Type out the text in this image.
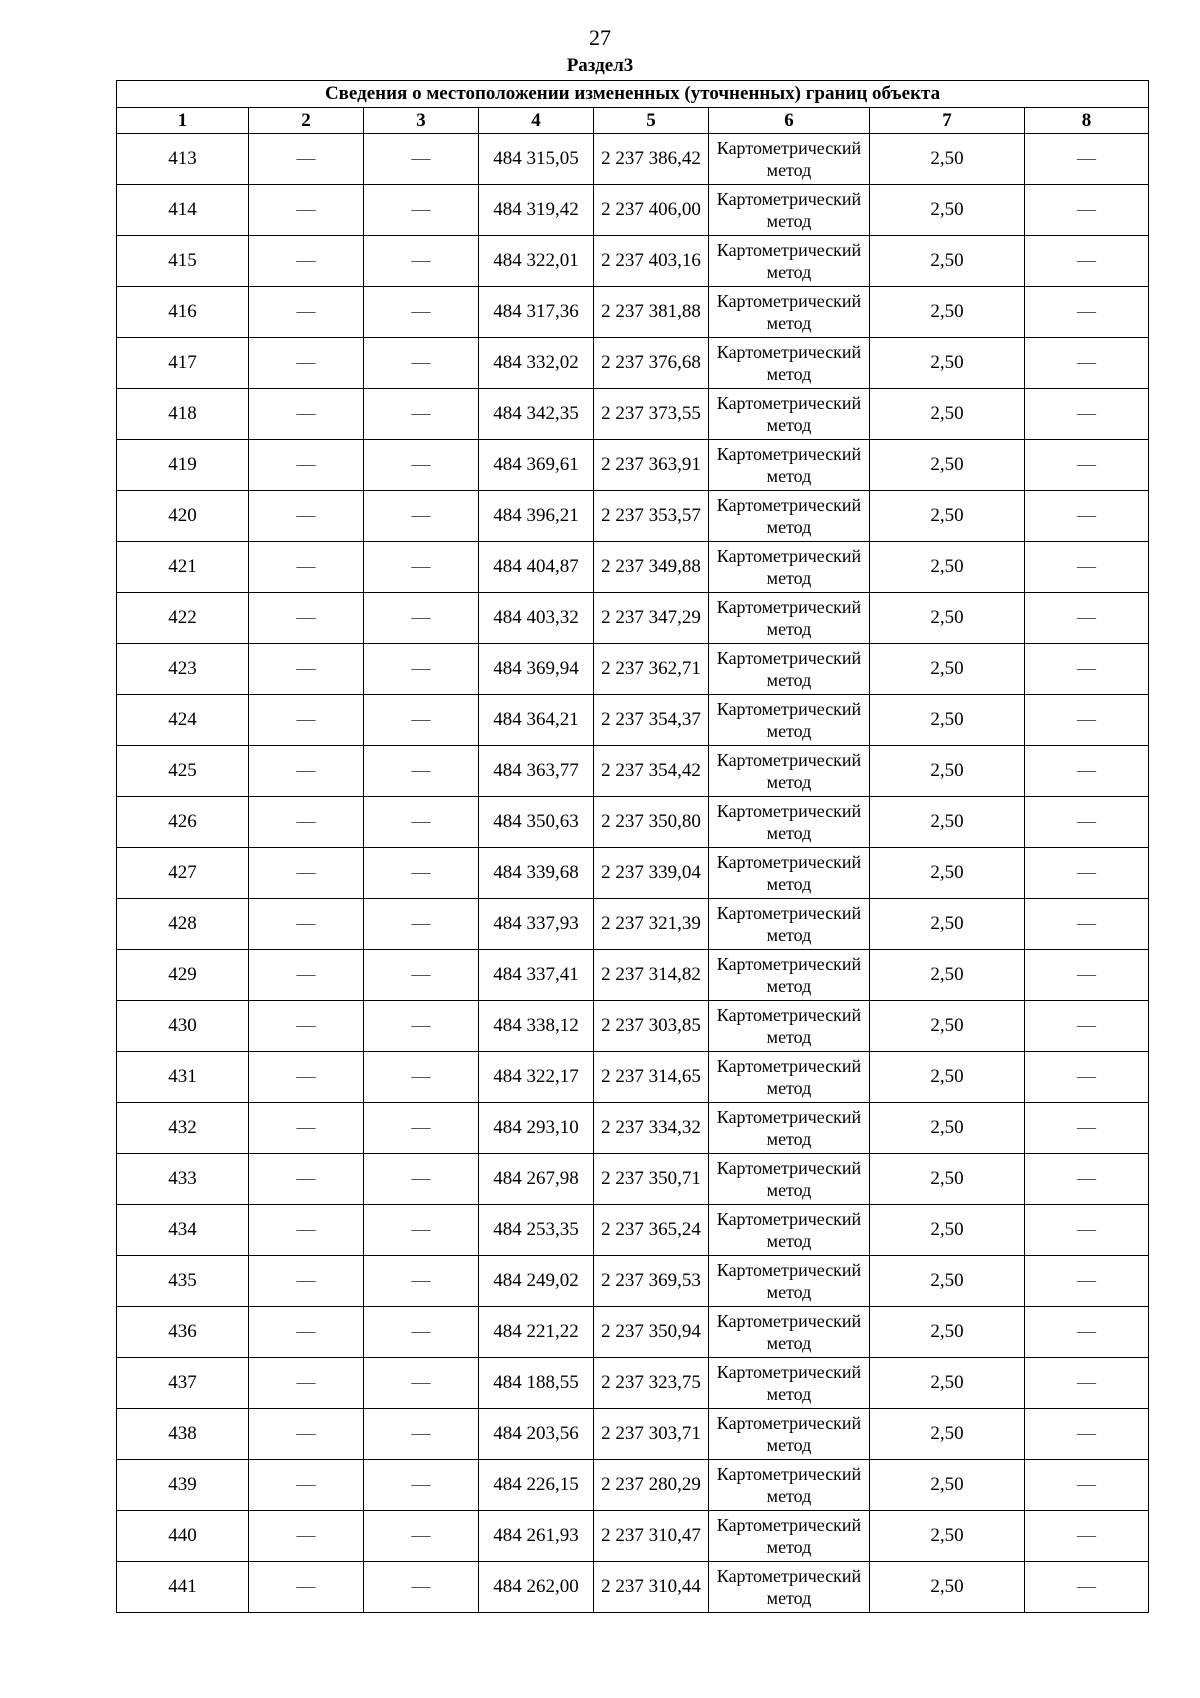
27
Раздел3
Сведения о местоположении измененных (уточненных) границ объекта							
1	2	3	4	5	6	7	8
413	—	—	484 315,05	2 237 386,42	Картометрический метод	2,50	—
414	—	—	484 319,42	2 237 406,00	Картометрический метод	2,50	—
415	—	—	484 322,01	2 237 403,16	Картометрический метод	2,50	—
416	—	—	484 317,36	2 237 381,88	Картометрический метод	2,50	—
417	—	—	484 332,02	2 237 376,68	Картометрический метод	2,50	—
418	—	—	484 342,35	2 237 373,55	Картометрический метод	2,50	—
419	—	—	484 369,61	2 237 363,91	Картометрический метод	2,50	—
420	—	—	484 396,21	2 237 353,57	Картометрический метод	2,50	—
421	—	—	484 404,87	2 237 349,88	Картометрический метод	2,50	—
422	—	—	484 403,32	2 237 347,29	Картометрический метод	2,50	—
423	—	—	484 369,94	2 237 362,71	Картометрический метод	2,50	—
424	—	—	484 364,21	2 237 354,37	Картометрический метод	2,50	—
425	—	—	484 363,77	2 237 354,42	Картометрический метод	2,50	—
426	—	—	484 350,63	2 237 350,80	Картометрический метод	2,50	—
427	—	—	484 339,68	2 237 339,04	Картометрический метод	2,50	—
428	—	—	484 337,93	2 237 321,39	Картометрический метод	2,50	—
429	—	—	484 337,41	2 237 314,82	Картометрический метод	2,50	—
430	—	—	484 338,12	2 237 303,85	Картометрический метод	2,50	—
431	—	—	484 322,17	2 237 314,65	Картометрический метод	2,50	—
432	—	—	484 293,10	2 237 334,32	Картометрический метод	2,50	—
433	—	—	484 267,98	2 237 350,71	Картометрический метод	2,50	—
434	—	—	484 253,35	2 237 365,24	Картометрический метод	2,50	—
435	—	—	484 249,02	2 237 369,53	Картометрический метод	2,50	—
436	—	—	484 221,22	2 237 350,94	Картометрический метод	2,50	—
437	—	—	484 188,55	2 237 323,75	Картометрический метод	2,50	—
438	—	—	484 203,56	2 237 303,71	Картометрический метод	2,50	—
439	—	—	484 226,15	2 237 280,29	Картометрический метод	2,50	—
440	—	—	484 261,93	2 237 310,47	Картометрический метод	2,50	—
441	—	—	484 262,00	2 237 310,44	Картометрический метод	2,50	—
